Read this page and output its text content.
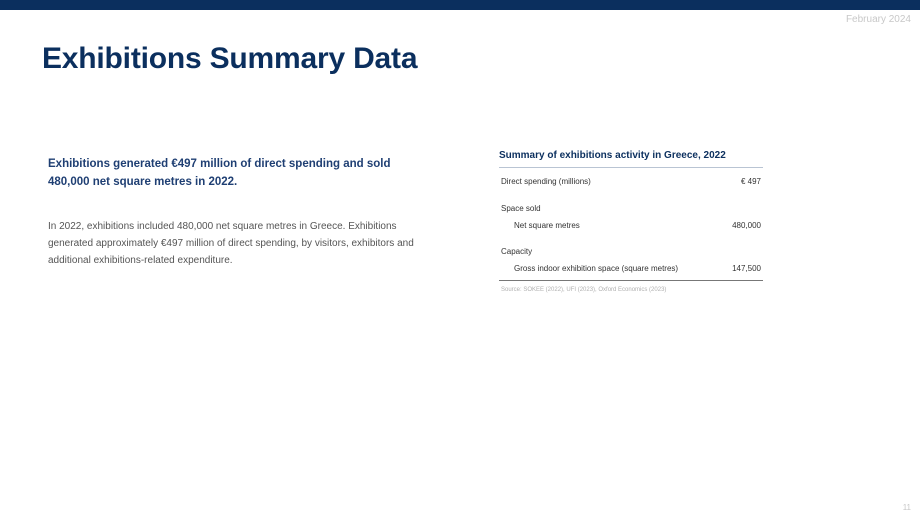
February 2024
Exhibitions Summary Data
Exhibitions generated €497 million of direct spending and sold 480,000 net square metres in 2022.
In 2022, exhibitions included 480,000 net square metres in Greece. Exhibitions generated approximately €497 million of direct spending, by visitors, exhibitors and additional exhibitions-related expenditure.
Summary of exhibitions activity in Greece, 2022
Direct spending (millions)	€ 497
Space sold
Net square metres	480,000
Capacity
Gross indoor exhibition space (square metres)	147,500
Source: SOKEE (2022), UFI (2023), Oxford Economics (2023)
11
